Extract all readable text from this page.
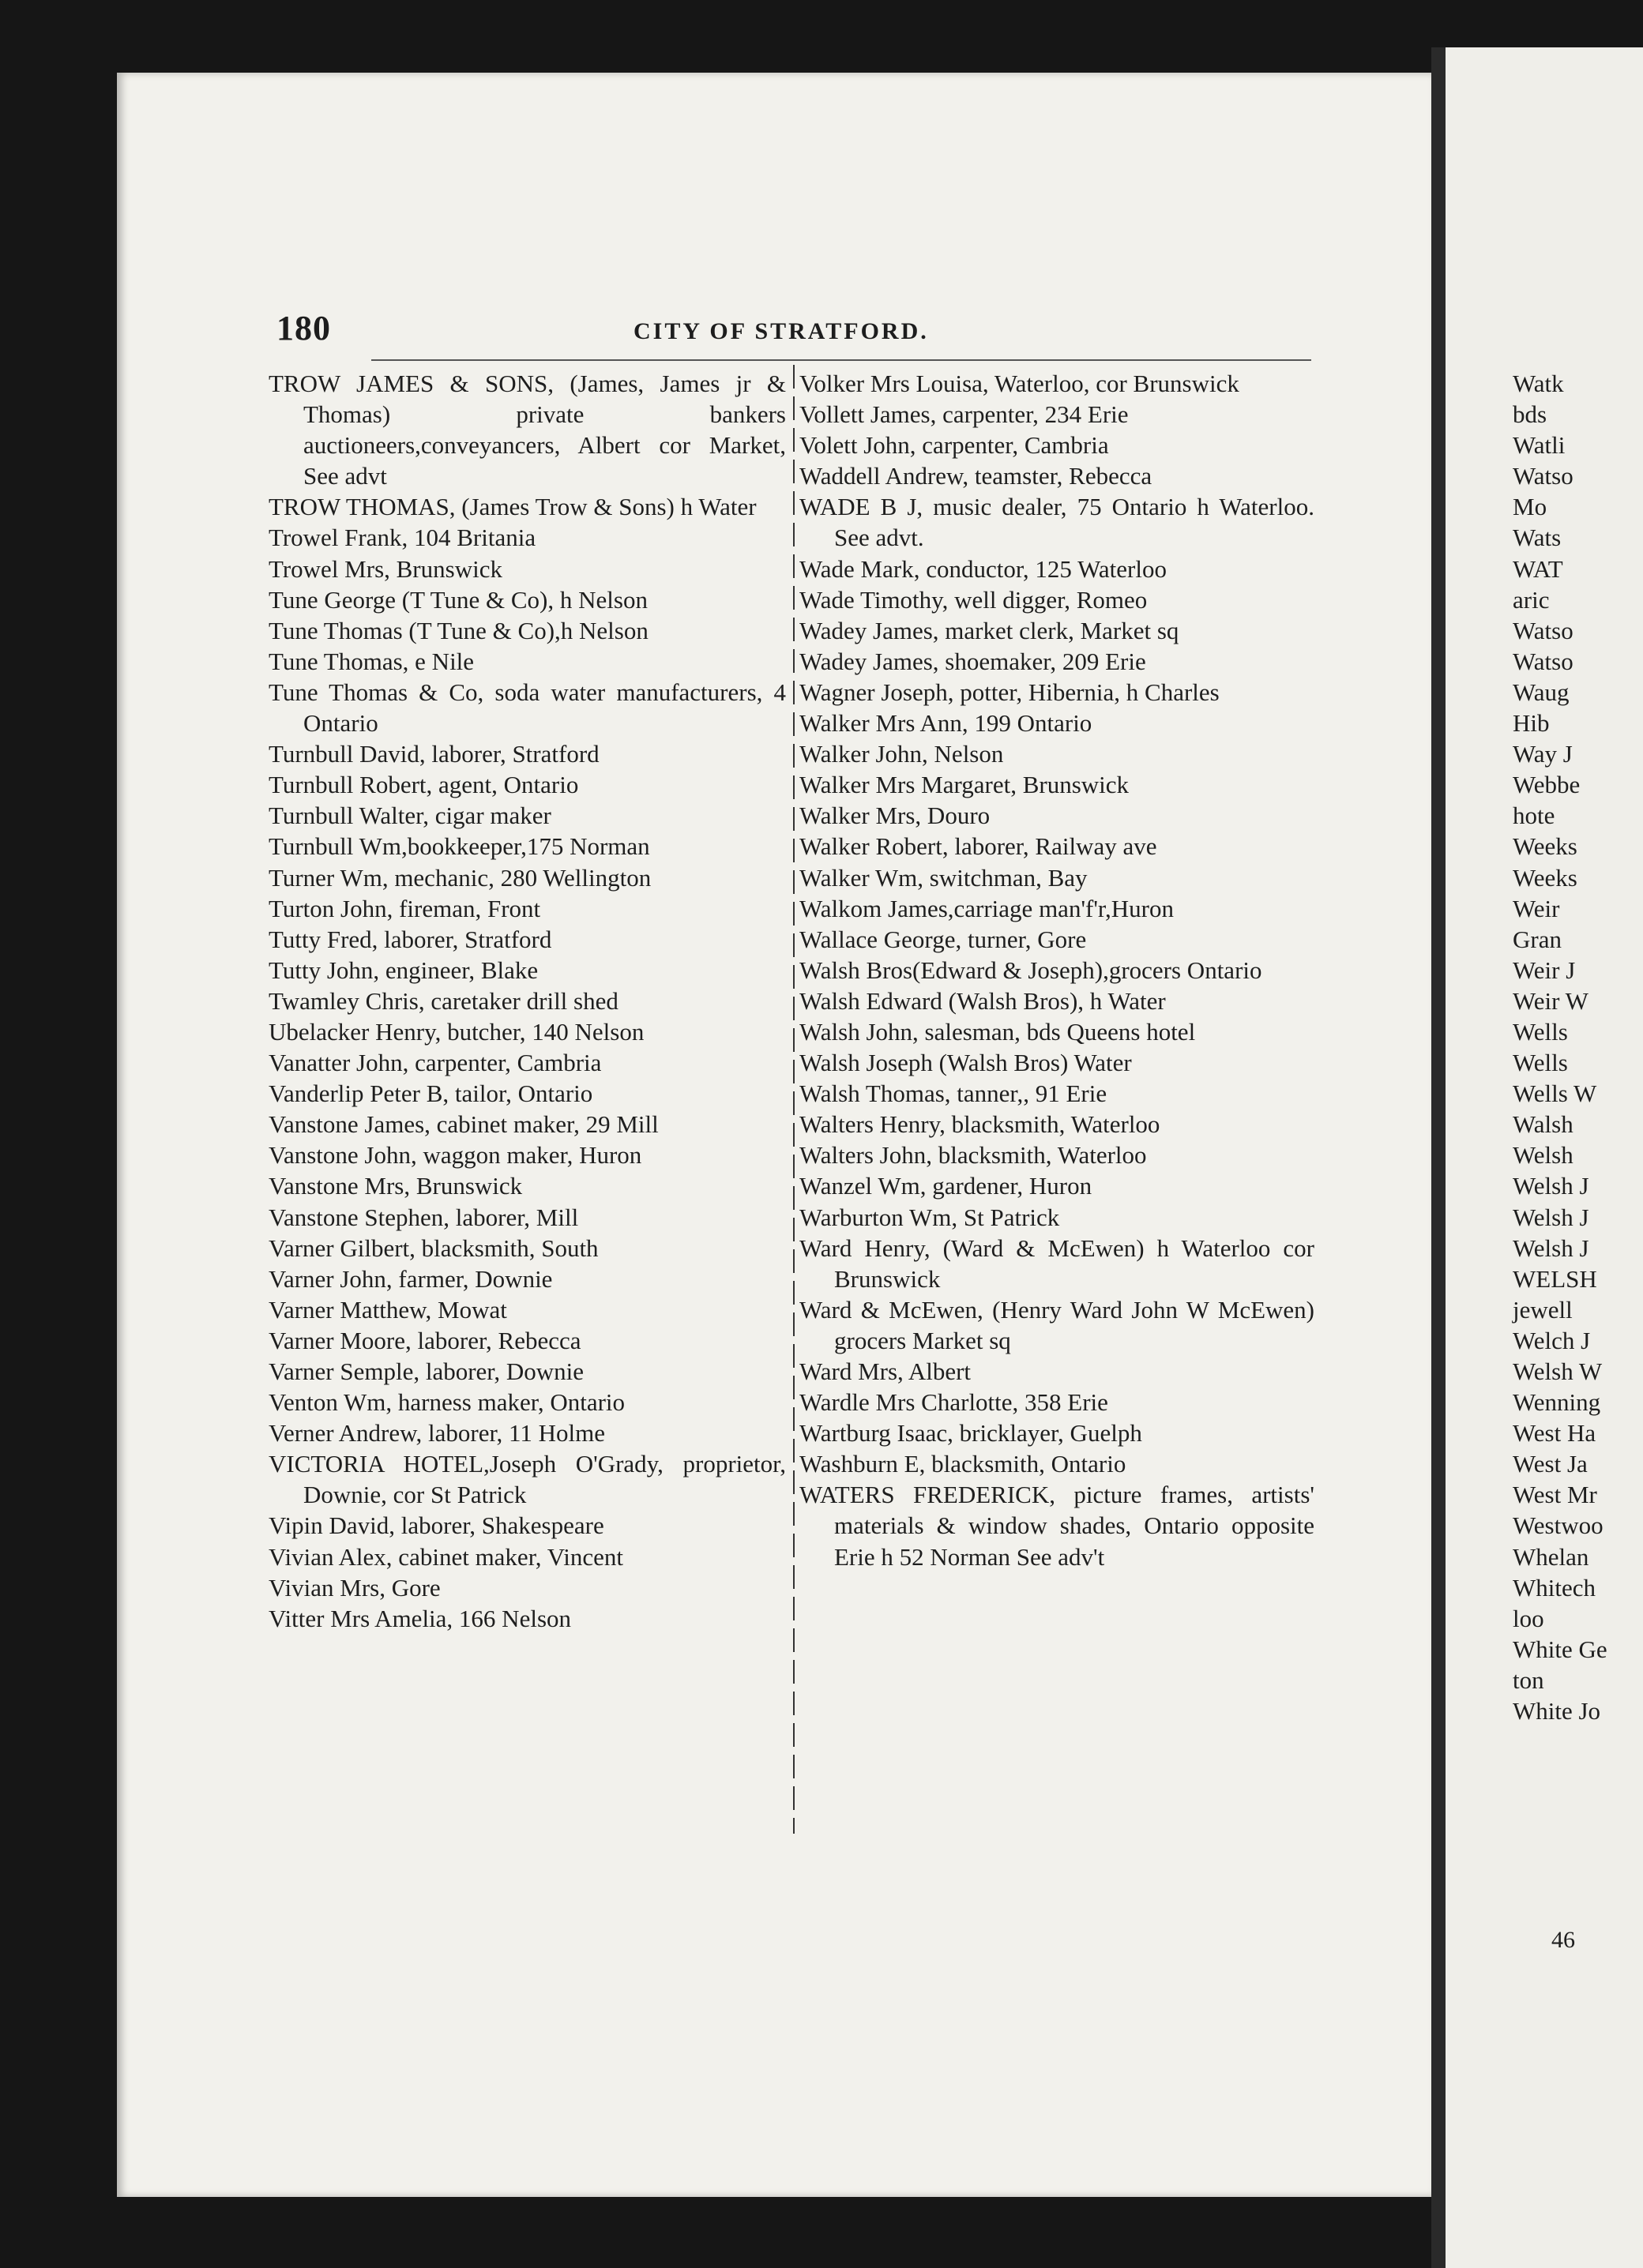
180	CITY OF STRATFORD.

TROW JAMES & SONS, (James, James jr & Thomas) private bankers auctioneers,conveyancers, Albert cor Market, See advt

TROW THOMAS, (James Trow & Sons) h Water

Trowel Frank, 104 Britania

Trowel Mrs, Brunswick

Tune George (T Tune & Co), h Nelson

Tune Thomas (T Tune & Co),h Nelson

Tune Thomas, e Nile

Tune Thomas & Co, soda water manufacturers, 4 Ontario

Turnbull David, laborer, Stratford

Turnbull Robert, agent, Ontario

Turnbull Walter, cigar maker

Turnbull Wm,bookkeeper,175 Norman

Turner Wm, mechanic, 280 Wellington

Turton John, fireman, Front

Tutty Fred, laborer, Stratford

Tutty John, engineer, Blake

Twamley Chris, caretaker drill shed

Ubelacker Henry, butcher, 140 Nelson

Vanatter John, carpenter, Cambria

Vanderlip Peter B, tailor, Ontario

Vanstone James, cabinet maker, 29 Mill

Vanstone John, waggon maker, Huron

Vanstone Mrs, Brunswick

Vanstone Stephen, laborer, Mill

Varner Gilbert, blacksmith, South

Varner John, farmer, Downie

Varner Matthew, Mowat

Varner Moore, laborer, Rebecca

Varner Semple, laborer, Downie

Venton Wm, harness maker, Ontario

Verner Andrew, laborer, 11 Holme

VICTORIA HOTEL,Joseph O'Grady, proprietor, Downie, cor St Patrick

Vipin David, laborer, Shakespeare

Vivian Alex, cabinet maker, Vincent

Vivian Mrs, Gore

Vitter Mrs Amelia, 166 Nelson

Volker Mrs Louisa, Waterloo, cor Brunswick

Vollett James, carpenter, 234 Erie

Volett John, carpenter, Cambria

Waddell Andrew, teamster, Rebecca

WADE B J, music dealer, 75 Ontario h Waterloo. See advt.

Wade Mark, conductor, 125 Waterloo

Wade Timothy, well digger, Romeo

Wadey James, market clerk, Market sq

Wadey James, shoemaker, 209 Erie

Wagner Joseph, potter, Hibernia, h Charles

Walker Mrs Ann, 199 Ontario

Walker John, Nelson

Walker Mrs Margaret, Brunswick

Walker Mrs, Douro

Walker Robert, laborer, Railway ave

Walker Wm, switchman, Bay

Walkom James,carriage man'f'r,Huron

Wallace George, turner, Gore

Walsh Bros(Edward & Joseph),grocers Ontario

Walsh Edward (Walsh Bros), h Water

Walsh John, salesman, bds Queens hotel

Walsh Joseph (Walsh Bros) Water

Walsh Thomas, tanner,, 91 Erie

Walters Henry, blacksmith, Waterloo

Walters John, blacksmith, Waterloo

Wanzel Wm, gardener, Huron

Warburton Wm, St Patrick

Ward Henry, (Ward & McEwen) h Waterloo cor Brunswick

Ward & McEwen, (Henry Ward John W McEwen) grocers Market sq

Ward Mrs, Albert

Wardle Mrs Charlotte, 358 Erie

Wartburg Isaac, bricklayer, Guelph

Washburn E, blacksmith, Ontario

WATERS FREDERICK, picture frames, artists' materials & window shades, Ontario opposite Erie h 52 Norman See adv't

Watk

bds

Watli

Watso

Mo

Wats

WAT

aric

Watso

Watso

Waug

Hib

Way J

Webbe

hote

Weeks

Weeks

Weir

Gran

Weir J

Weir W

Wells

Wells

Wells W

Walsh

Welsh

Welsh J

Welsh J

Welsh J

WELSH

jewell

Welch J

Welsh W

Wenning

West Ha

West Ja

West Mr

Westwoo

Whelan

Whitech

loo

White Ge

ton

White Jo

46
